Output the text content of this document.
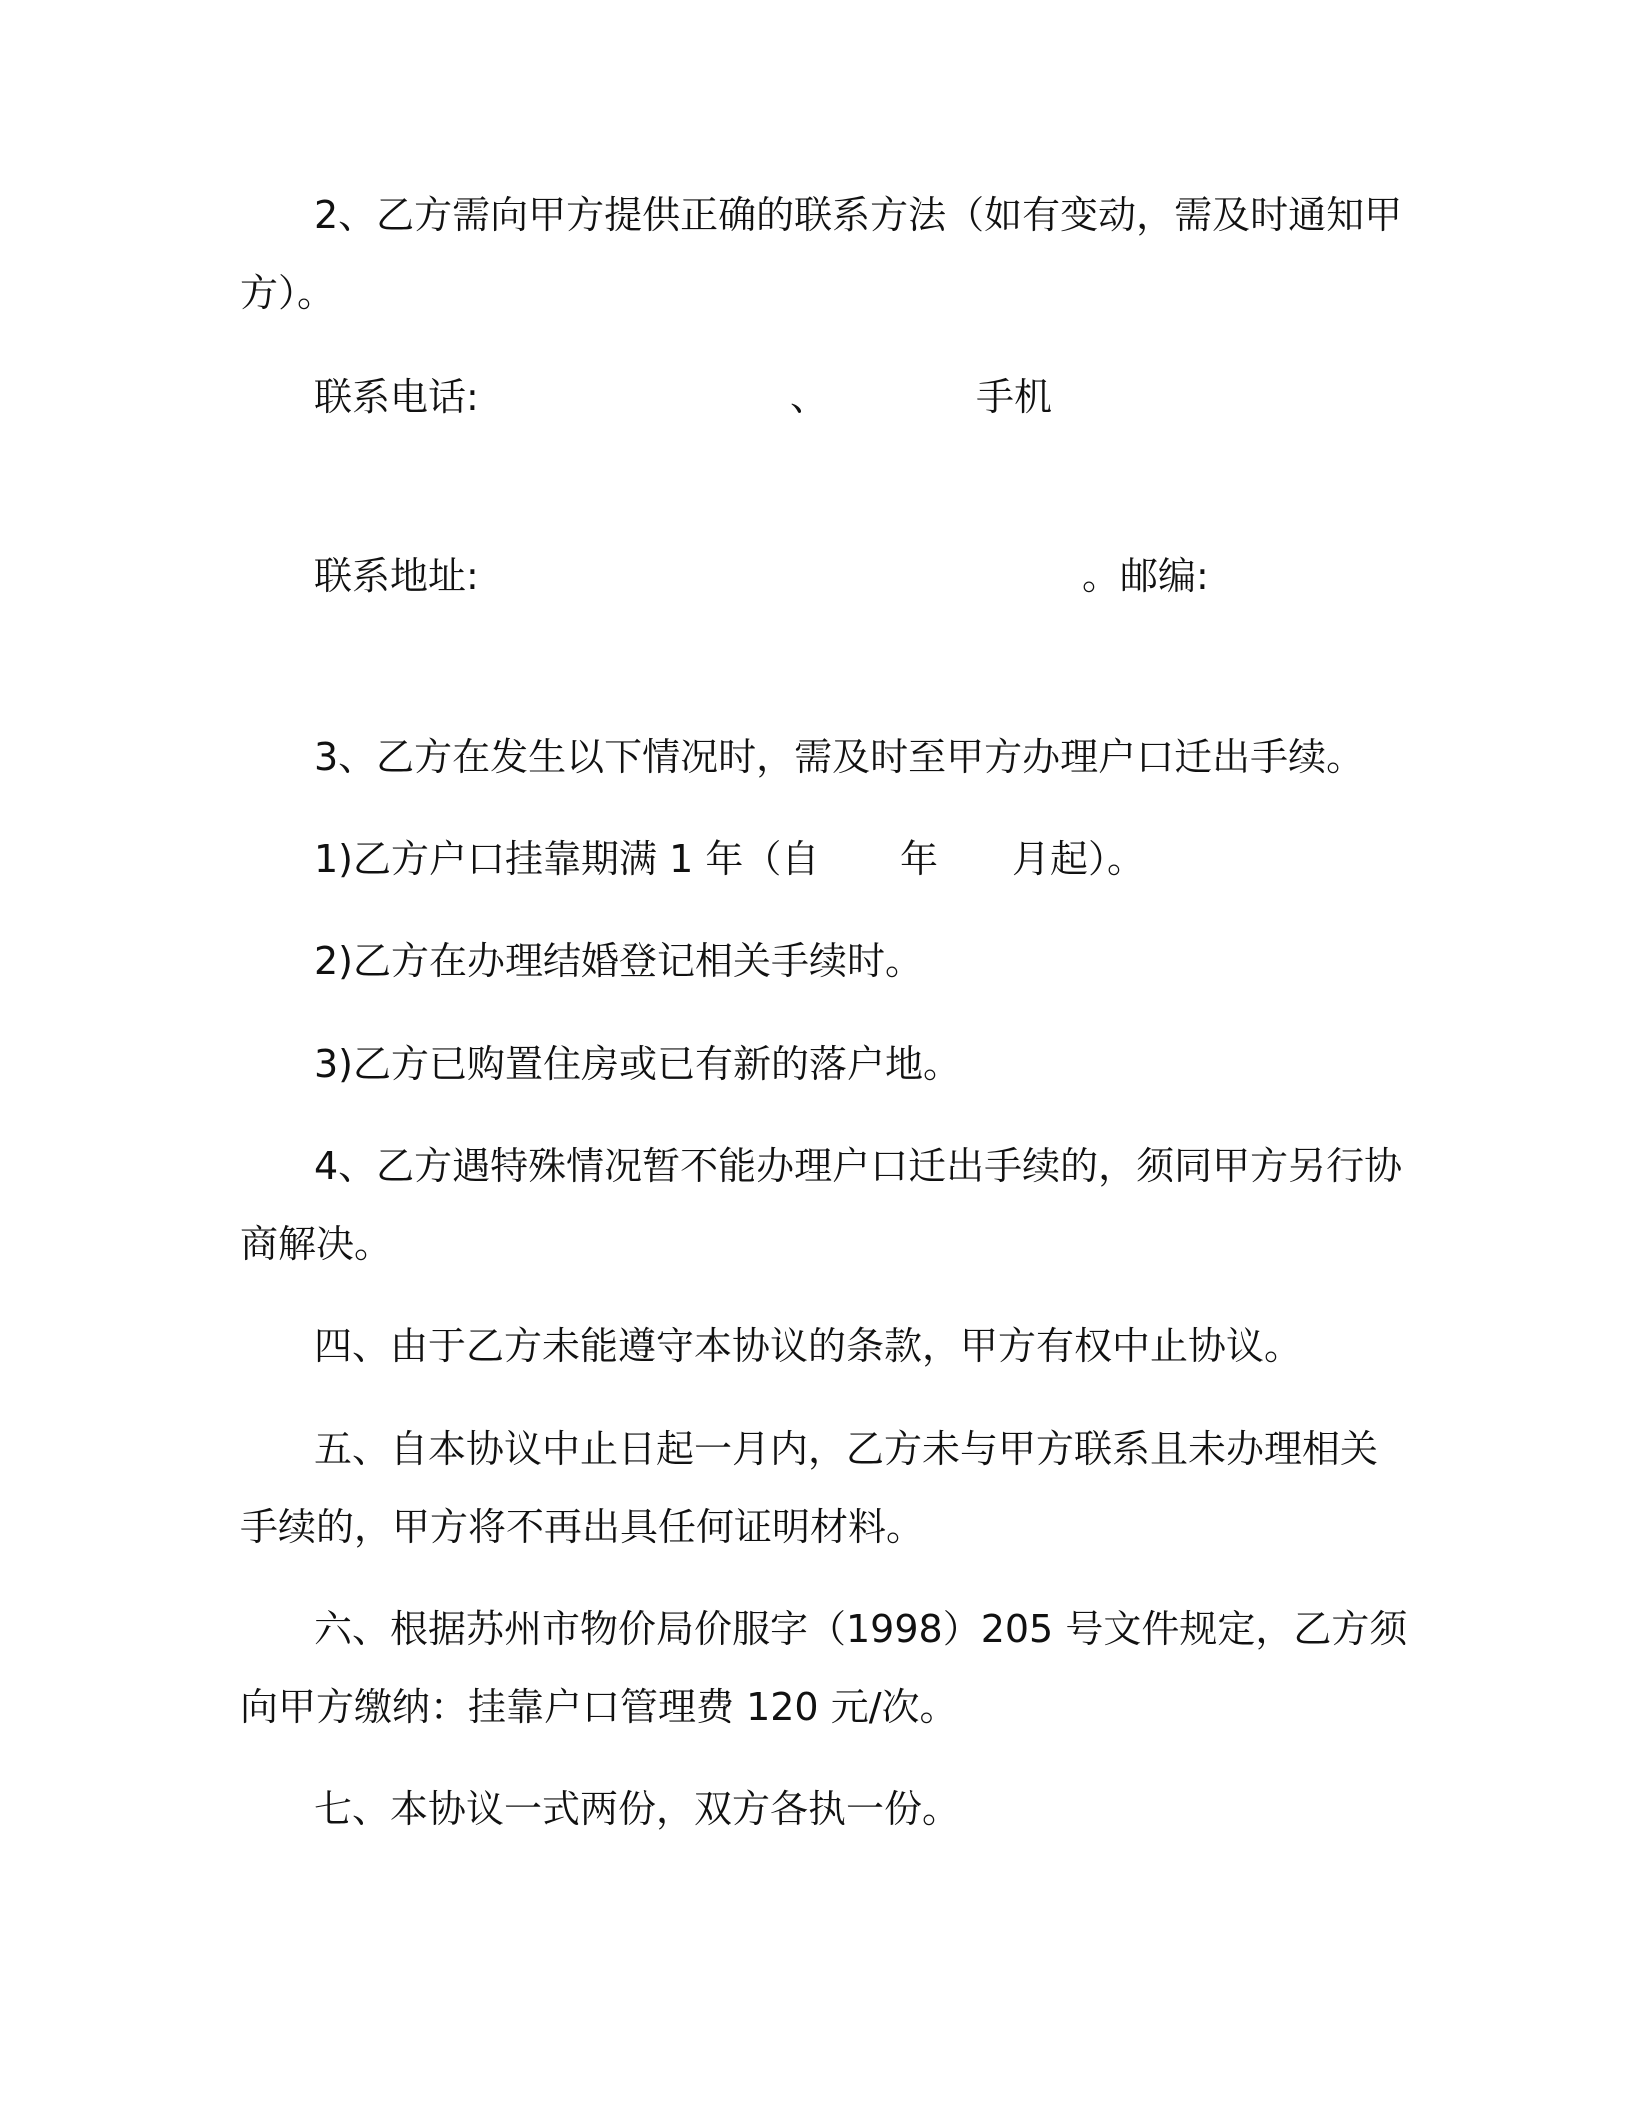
2、乙方需向甲方提供正确的联系方法（如有变动，需及时通知甲
方）。
联系电话:	、	手机
联系地址:	。 邮编:
3、乙方在发生以下情况时，需及时至甲方办理户口迁出手续。
1)乙方户口挂靠期满 1 年（自 年 月起）。
2)乙方在办理结婚登记相关手续时。
3)乙方已购置住房或已有新的落户地。
4、乙方遇特殊情况暂不能办理户口迁出手续的，须同甲方另行协
商解决。
四、由于乙方未能遵守本协议的条款，甲方有权中止协议。
五、自本协议中止日起一月内，乙方未与甲方联系且未办理相关
手续的，甲方将不再出具任何证明材料。
六、根据苏州市物价局价服字（1998）205 号文件规定，乙方须
向甲方缴纳：挂靠户口管理费 120 元/次。
七、本协议一式两份，双方各执一份。
